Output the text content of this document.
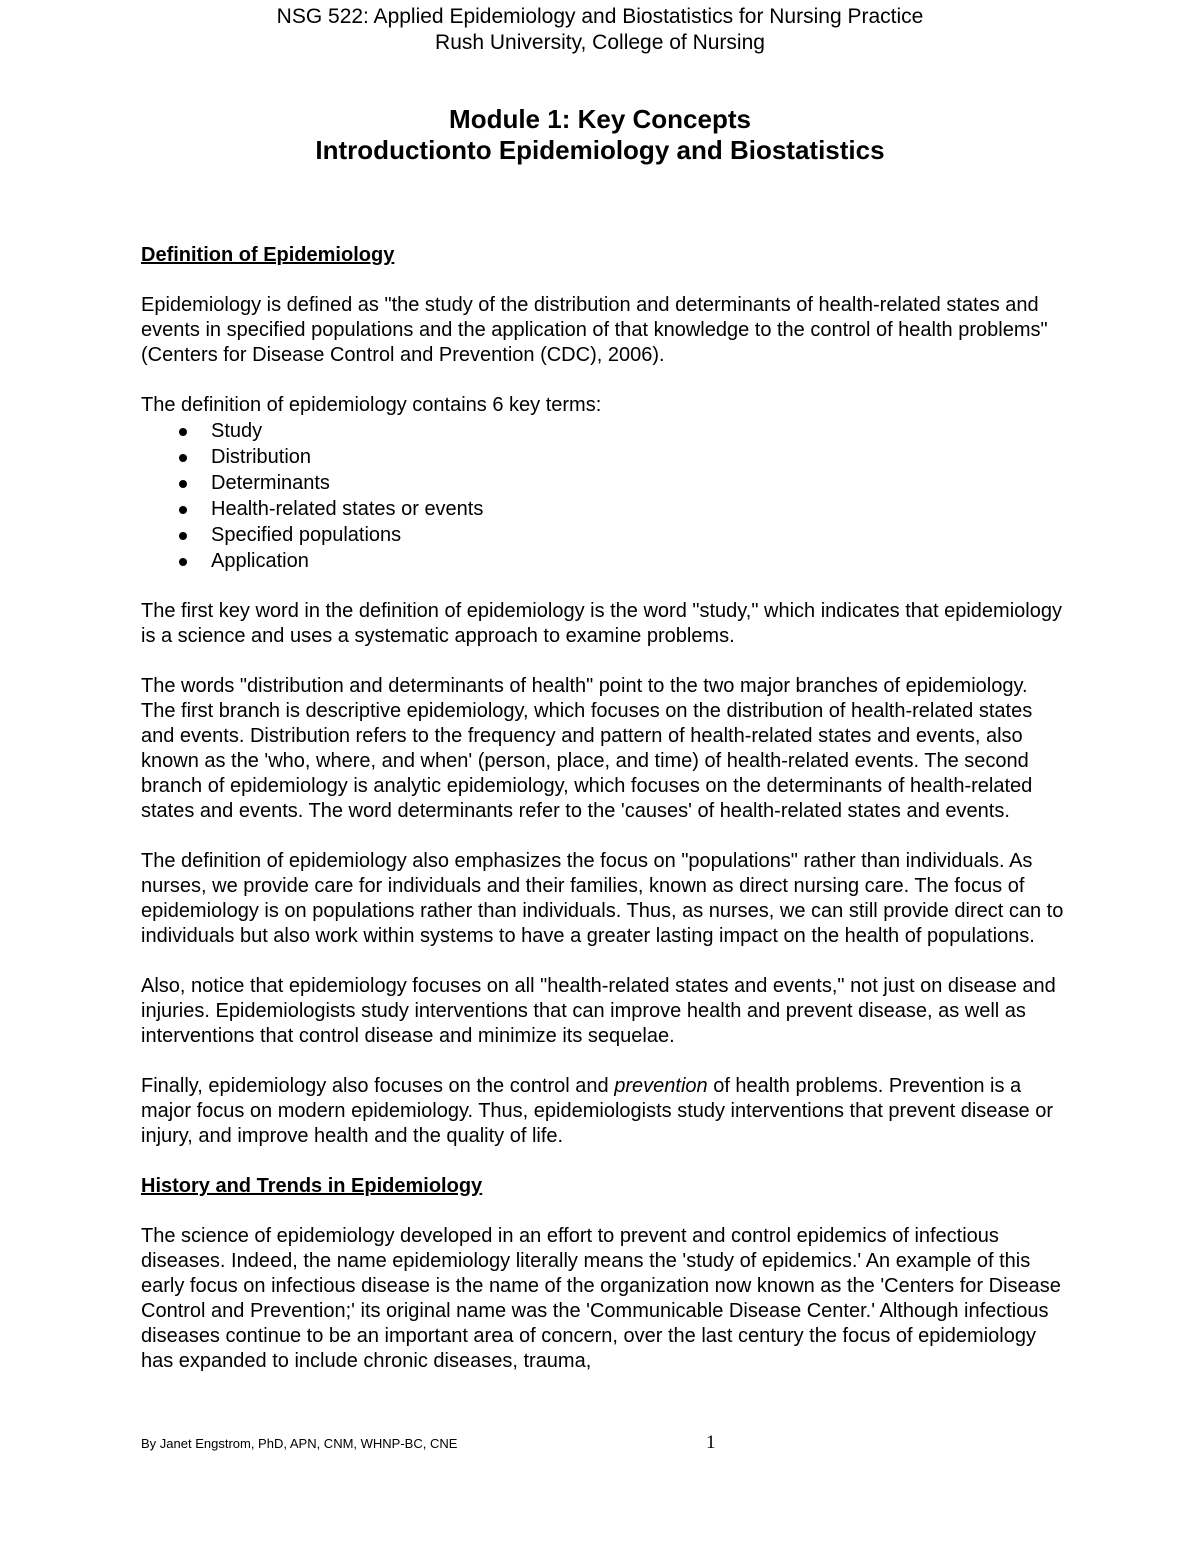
NSG 522: Applied Epidemiology and Biostatistics for Nursing Practice
Rush University, College of Nursing
Module 1: Key Concepts
Introductionto Epidemiology and Biostatistics

Definition of Epidemiology

Epidemiology is defined as "the study of the distribution and determinants of health-related states and events in specified populations and the application of that knowledge to the control of health problems" (Centers for Disease Control and Prevention (CDC), 2006).

The definition of epidemiology contains 6 key terms:

Study
Distribution
Determinants
Health-related states or events
Specified populations
Application

The first key word in the definition of epidemiology is the word "study," which indicates that epidemiology is a science and uses a systematic approach to examine problems.

The words "distribution and determinants of health" point to the two major branches of epidemiology. The first branch is descriptive epidemiology, which focuses on the distribution of health-related states and events. Distribution refers to the frequency and pattern of health-related states and events, also known as the 'who, where, and when' (person, place, and time) of health-related events. The second branch of epidemiology is analytic epidemiology, which focuses on the determinants of health-related states and events. The word determinants refer to the 'causes' of health-related states and events.

The definition of epidemiology also emphasizes the focus on "populations" rather than individuals. As nurses, we provide care for individuals and their families, known as direct nursing care. The focus of epidemiology is on populations rather than individuals. Thus, as nurses, we can still provide direct can to individuals but also work within systems to have a greater lasting impact on the health of populations.

Also, notice that epidemiology focuses on all "health-related states and events," not just on disease and injuries. Epidemiologists study interventions that can improve health and prevent disease, as well as interventions that control disease and minimize its sequelae.

Finally, epidemiology also focuses on the control and prevention of health problems. Prevention is a major focus on modern epidemiology. Thus, epidemiologists study interventions that prevent disease or injury, and improve health and the quality of life.

History and Trends in Epidemiology

The science of epidemiology developed in an effort to prevent and control epidemics of infectious diseases. Indeed, the name epidemiology literally means the 'study of epidemics.' An example of this early focus on infectious disease is the name of the organization now known as the 'Centers for Disease Control and Prevention;' its original name was the 'Communicable Disease Center.' Although infectious diseases continue to be an important area of concern, over the last century the focus of epidemiology has expanded to include chronic diseases, trauma,

By Janet Engstrom, PhD, APN, CNM, WHNP-BC, CNE	1
